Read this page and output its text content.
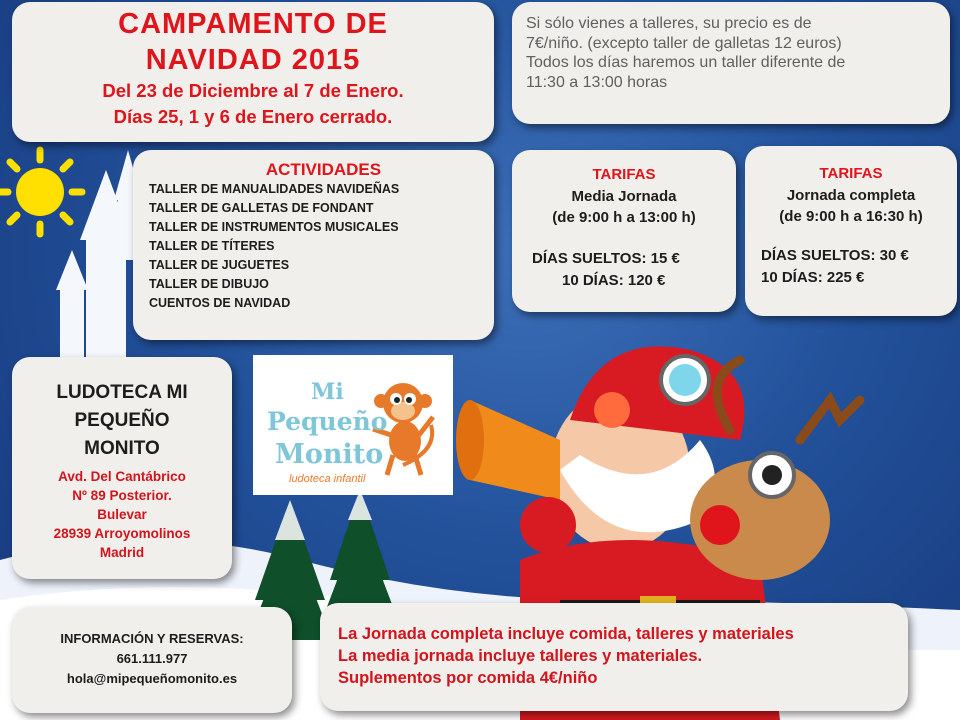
CAMPAMENTO DE
NAVIDAD 2015
Del 23 de Diciembre al 7 de Enero.
Días 25, 1 y 6 de Enero cerrado.
Si sólo vienes a talleres, su precio es de
7€/niño. (excepto taller de galletas 12 euros)
Todos los días haremos un taller diferente de
11:30 a 13:00 horas
ACTIVIDADES
TALLER DE MANUALIDADES NAVIDEÑAS
TALLER DE GALLETAS DE FONDANT
TALLER DE INSTRUMENTOS MUSICALES
TALLER DE TÍTERES
TALLER DE JUGUETES
TALLER DE DIBUJO
CUENTOS DE NAVIDAD
TARIFAS
Media Jornada
(de 9:00 h a 13:00 h)
DÍAS SUELTOS: 15 €
10 DÍAS: 120 €
TARIFAS
Jornada completa
(de 9:00 h a 16:30 h)
DÍAS SUELTOS: 30 €
10 DÍAS: 225 €
LUDOTECA MI
PEQUEÑO
MONITO
Avd. Del Cantábrico
Nº 89 Posterior.
Bulevar
28939 Arroyomolinos
Madrid
Mi
Pequeño
Monito
ludoteca infantil
INFORMACIÓN Y RESERVAS:
661.111.977
hola@mipequeñomonito.es
La Jornada completa incluye comida, talleres y materiales
La media jornada incluye talleres y materiales.
Suplementos por comida 4€/niño
